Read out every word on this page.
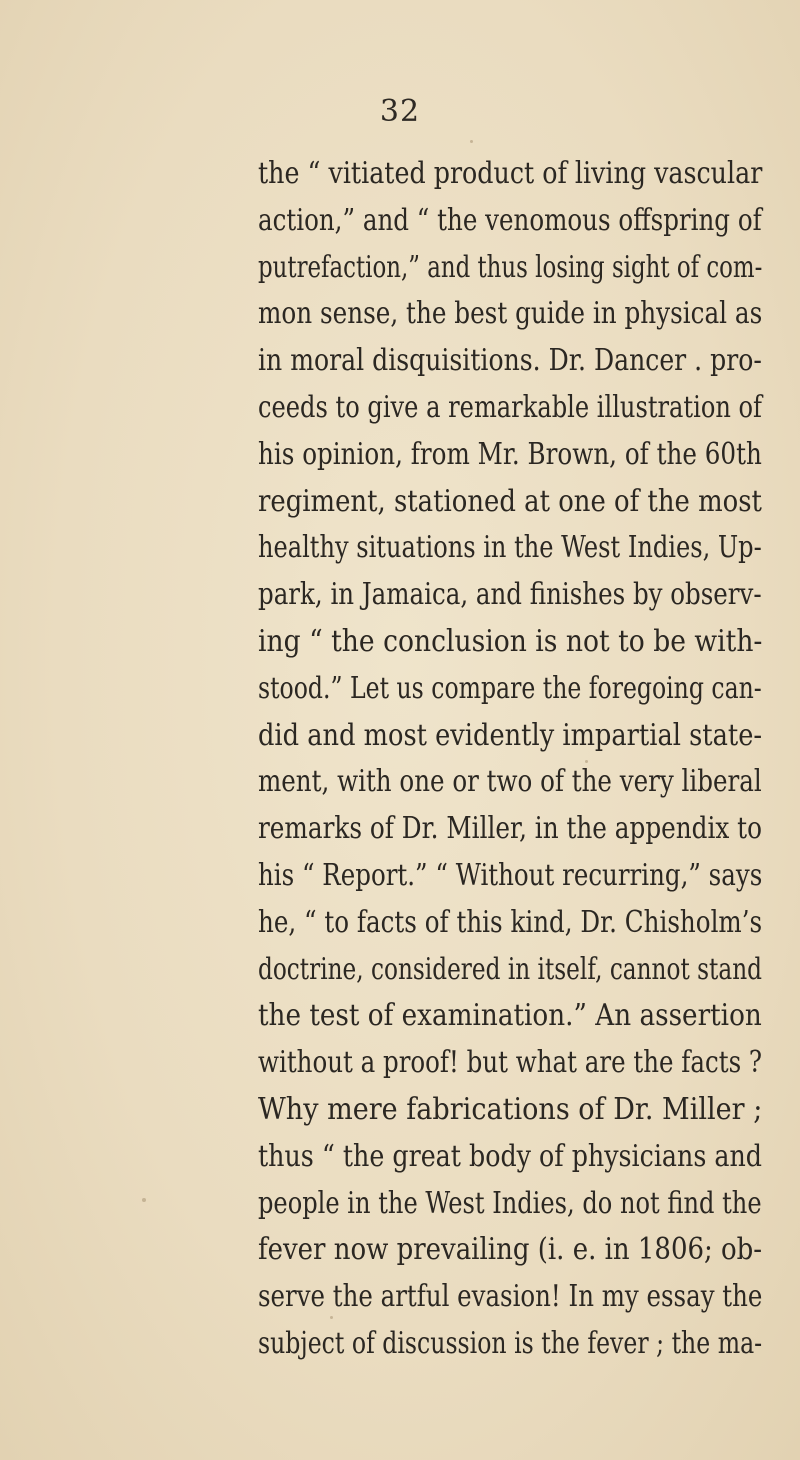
32
the “ vitiated product of living vascular
action,” and “ the venomous offspring of
putrefaction,” and thus losing sight of com-
mon sense, the best guide in physical as
in moral disquisitions. Dr. Dancer . pro-
ceeds to give a remarkable illustration of
his opinion, from Mr. Brown, of the 60th
regiment, stationed at one of the most
healthy situations in the West Indies, Up-
park, in Jamaica, and finishes by observ-
ing “ the conclusion is not to be with-
stood.” Let us compare the foregoing can-
did and most evidently impartial state-
ment, with one or two of the very liberal
remarks of Dr. Miller, in the appendix to
his “ Report.” “ Without recurring,” says
he, “ to facts of this kind, Dr. Chisholm’s
doctrine, considered in itself, cannot stand
the test of examination.” An assertion
without a proof! but what are the facts ?
Why mere fabrications of Dr. Miller ;
thus “ the great body of physicians and
people in the West Indies, do not find the
fever now prevailing (i. e. in 1806; ob-
serve the artful evasion! In my essay the
subject of discussion is the fever ; the ma-
